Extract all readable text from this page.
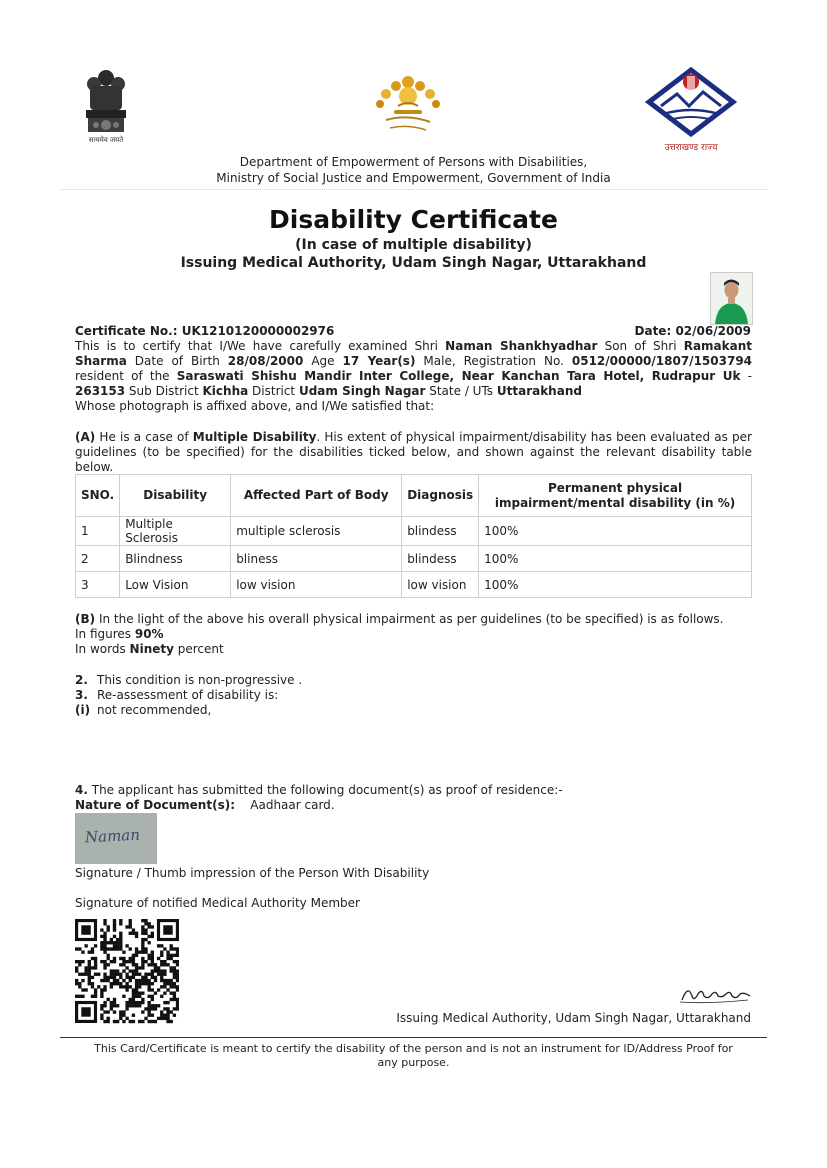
सत्यमेव जयते
उत्तराखण्ड राज्य
Department of Empowerment of Persons with Disabilities,
Ministry of Social Justice and Empowerment, Government of India
Disability Certificate
(In case of multiple disability)
Issuing Medical Authority, Udam Singh Nagar, Uttarakhand
Certificate No.: UK1210120000002976	Date: 02/06/2009
This is to certify that I/We have carefully examined Shri Naman Shankhyadhar Son of Shri Ramakant Sharma Date of Birth 28/08/2000 Age 17 Year(s) Male, Registration No. 0512/00000/1807/1503794 resident of the Saraswati Shishu Mandir Inter College, Near Kanchan Tara Hotel, Rudrapur Uk - 263153 Sub District Kichha District Udam Singh Nagar State / UTs Uttarakhand
Whose photograph is affixed above, and I/We satisfied that:
(A) He is a case of Multiple Disability. His extent of physical impairment/disability has been evaluated as per guidelines (to be specified) for the disabilities ticked below, and shown against the relevant disability table below.
SNO.	Disability	Affected Part of Body	Diagnosis	Permanent physical impairment/mental disability (in %)
1	Multiple Sclerosis	multiple sclerosis	blindess	100%
2	Blindness	bliness	blindess	100%
3	Low Vision	low vision	low vision	100%
(B) In the light of the above his overall physical impairment as per guidelines (to be specified) is as follows.
In figures 90%
In words Ninety percent
2. This condition is non-progressive .
3. Re-assessment of disability is:
(i) not recommended,
4. The applicant has submitted the following document(s) as proof of residence:-
Nature of Document(s): Aadhaar card.
Naman
Signature / Thumb impression of the Person With Disability
Signature of notified Medical Authority Member
Issuing Medical Authority, Udam Singh Nagar, Uttarakhand
This Card/Certificate is meant to certify the disability of the person and is not an instrument for ID/Address Proof for any purpose.
